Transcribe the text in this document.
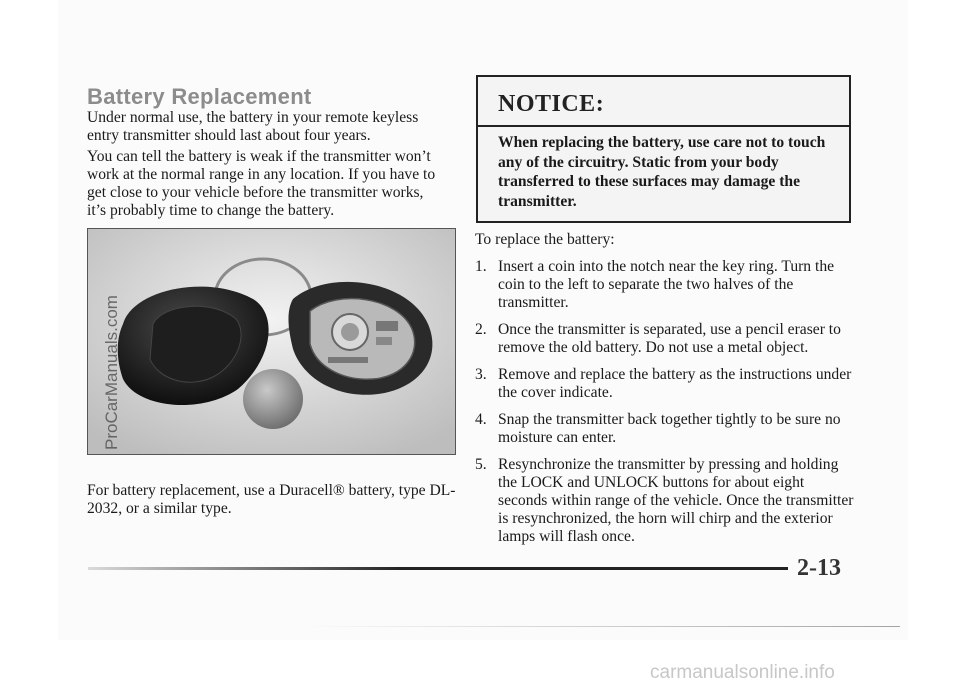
Battery Replacement
Under normal use, the battery in your remote keyless entry transmitter should last about four years.
You can tell the battery is weak if the transmitter won’t work at the normal range in any location. If you have to get close to your vehicle before the transmitter works, it’s probably time to change the battery.
ProCarManuals.com
For battery replacement, use a Duracell® battery, type DL-2032, or a similar type.
NOTICE:
When replacing the battery, use care not to touch any of the circuitry. Static from your body transferred to these surfaces may damage the transmitter.
To replace the battery:
1. Insert a coin into the notch near the key ring. Turn the coin to the left to separate the two halves of the transmitter.
2. Once the transmitter is separated, use a pencil eraser to remove the old battery. Do not use a metal object.
3. Remove and replace the battery as the instructions under the cover indicate.
4. Snap the transmitter back together tightly to be sure no moisture can enter.
5. Resynchronize the transmitter by pressing and holding the LOCK and UNLOCK buttons for about eight seconds within range of the vehicle. Once the transmitter is resynchronized, the horn will chirp and the exterior lamps will flash once.
2-13
carmanualsonline.info
